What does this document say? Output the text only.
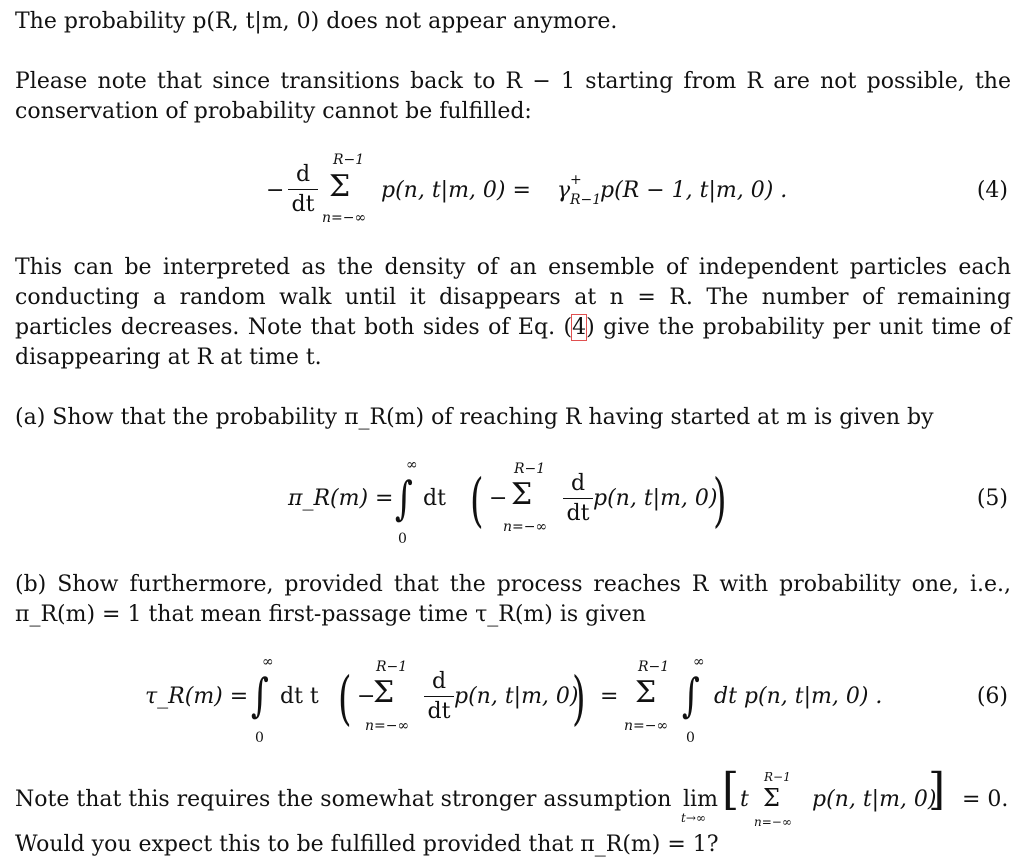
The probability p(R, t|m, 0) does not appear anymore.

Please note that since transitions back to R − 1 starting from R are not possible, the conservation of probability cannot be fulfilled:

−
d
dt
R−1
Σ
n=−∞
p(n, t|m, 0) = γ +
R−1
p(R − 1, t|m, 0) .	(4)

This can be interpreted as the density of an ensemble of independent particles each conducting a random walk until it disappears at n = R. The number of remaining particles decreases. Note that both sides of Eq. (4) give the probability per unit time of disappearing at R at time t.

(a) Show that the probability π_R(m) of reaching R having started at m is given by

π_R(m) =
∞
∫
0
dt ( −
R−1
Σ
n=−∞
d
dt
p(n, t|m, 0)
)	(5)

(b) Show furthermore, provided that the process reaches R with probability one, i.e., π_R(m) = 1 that mean first-passage time τ_R(m) is given

τ_R(m) =
∞
∫
0
dt t ( −
R−1
Σ
n=−∞
d
dt
p(n, t|m, 0)
) =
R−1
Σ
n=−∞
∞
∫
0
dt p(n, t|m, 0) .	(6)
Note that this requires the somewhat stronger assumption lim
t→∞
[ t
R−1
Σ
n=−∞
p(n, t|m, 0)
] = 0.
Would you expect this to be fulfilled provided that π_R(m) = 1?
